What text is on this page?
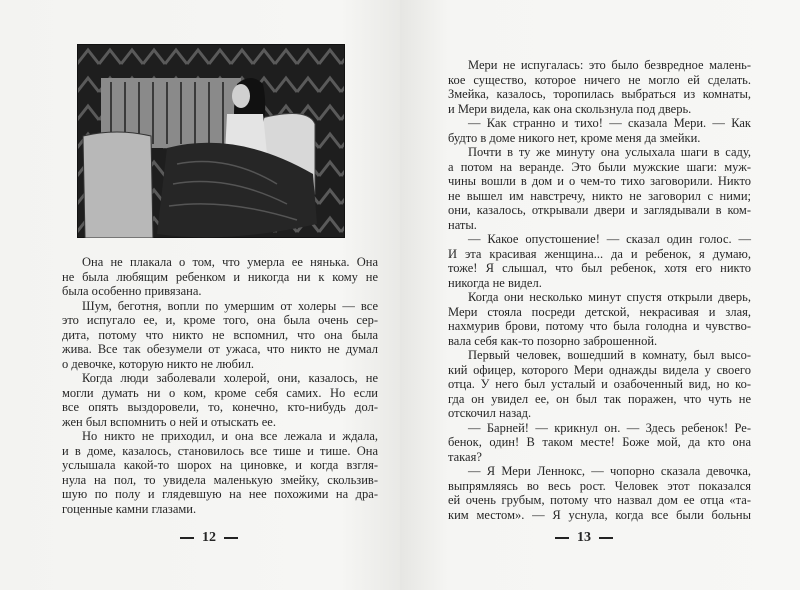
Она не плакала о том, что умерла ее нянька. Она
не была любящим ребенком и никогда ни к кому не
была особенно привязана.
Шум, беготня, вопли по умершим от холеры — все
это испугало ее, и, кроме того, она была очень сер-
дита, потому что никто не вспомнил, что она была
жива. Все так обезумели от ужаса, что никто не думал
о девочке, которую никто не любил.
Когда люди заболевали холерой, они, казалось, не
могли думать ни о ком, кроме себя самих. Но если
все опять выздоровели, то, конечно, кто-нибудь дол-
жен был вспомнить о ней и отыскать ее.
Но никто не приходил, и она все лежала и ждала,
и в доме, казалось, становилось все тише и тише. Она
услышала какой-то шорох на циновке, и когда взгля-
нула на пол, то увидела маленькую змейку, скользив-
шую по полу и глядевшую на нее похожими на дра-
гоценные камни глазами.
12
Мери не испугалась: это было безвредное малень-
кое существо, которое ничего не могло ей сделать.
Змейка, казалось, торопилась выбраться из комнаты,
и Мери видела, как она скользнула под дверь.
— Как странно и тихо! — сказала Мери. — Как
будто в доме никого нет, кроме меня да змейки.
Почти в ту же минуту она услыхала шаги в саду,
а потом на веранде. Это были мужские шаги: муж-
чины вошли в дом и о чем-то тихо заговорили. Никто
не вышел им навстречу, никто не заговорил с ними;
они, казалось, открывали двери и заглядывали в ком-
наты.
— Какое опустошение! — сказал один голос. —
И эта красивая женщина... да и ребенок, я думаю,
тоже! Я слышал, что был ребенок, хотя его никто
никогда не видел.
Когда они несколько минут спустя открыли дверь,
Мери стояла посреди детской, некрасивая и злая,
нахмурив брови, потому что была голодна и чувство-
вала себя как-то позорно заброшенной.
Первый человек, вошедший в комнату, был высо-
кий офицер, которого Мери однажды видела у своего
отца. У него был усталый и озабоченный вид, но ко-
гда он увидел ее, он был так поражен, что чуть не
отскочил назад.
— Барней! — крикнул он. — Здесь ребенок! Ре-
бенок, один! В таком месте! Боже мой, да кто она
такая?
— Я Мери Леннокс, — чопорно сказала девочка,
выпрямляясь во весь рост. Человек этот показался
ей очень грубым, потому что назвал дом ее отца «та-
ким местом». — Я уснула, когда все были больны
13
